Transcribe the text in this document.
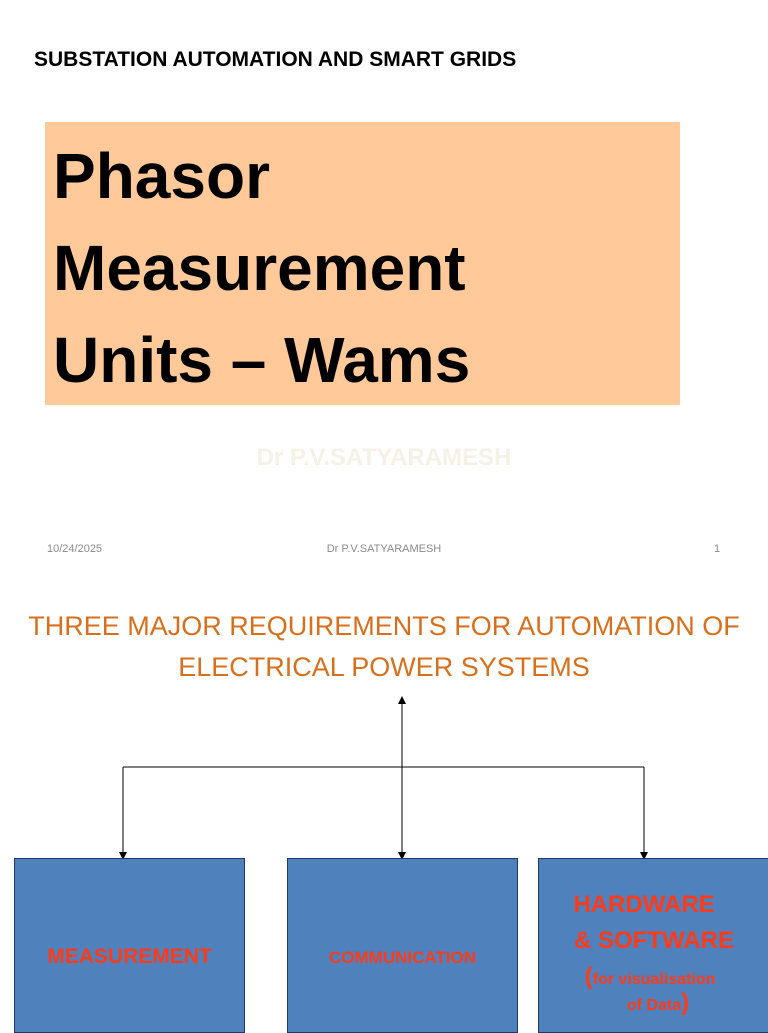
SUBSTATION AUTOMATION AND SMART GRIDS
Phasor
Measurement
Units – Wams
Dr P.V.SATYARAMESH
10/24/2025	Dr P.V.SATYARAMESH	1
THREE MAJOR REQUIREMENTS FOR AUTOMATION OF
ELECTRICAL POWER SYSTEMS
MEASUREMENT	COMMUNICATION
HARDWARE
& SOFTWARE
(for visualisation
of Data)
